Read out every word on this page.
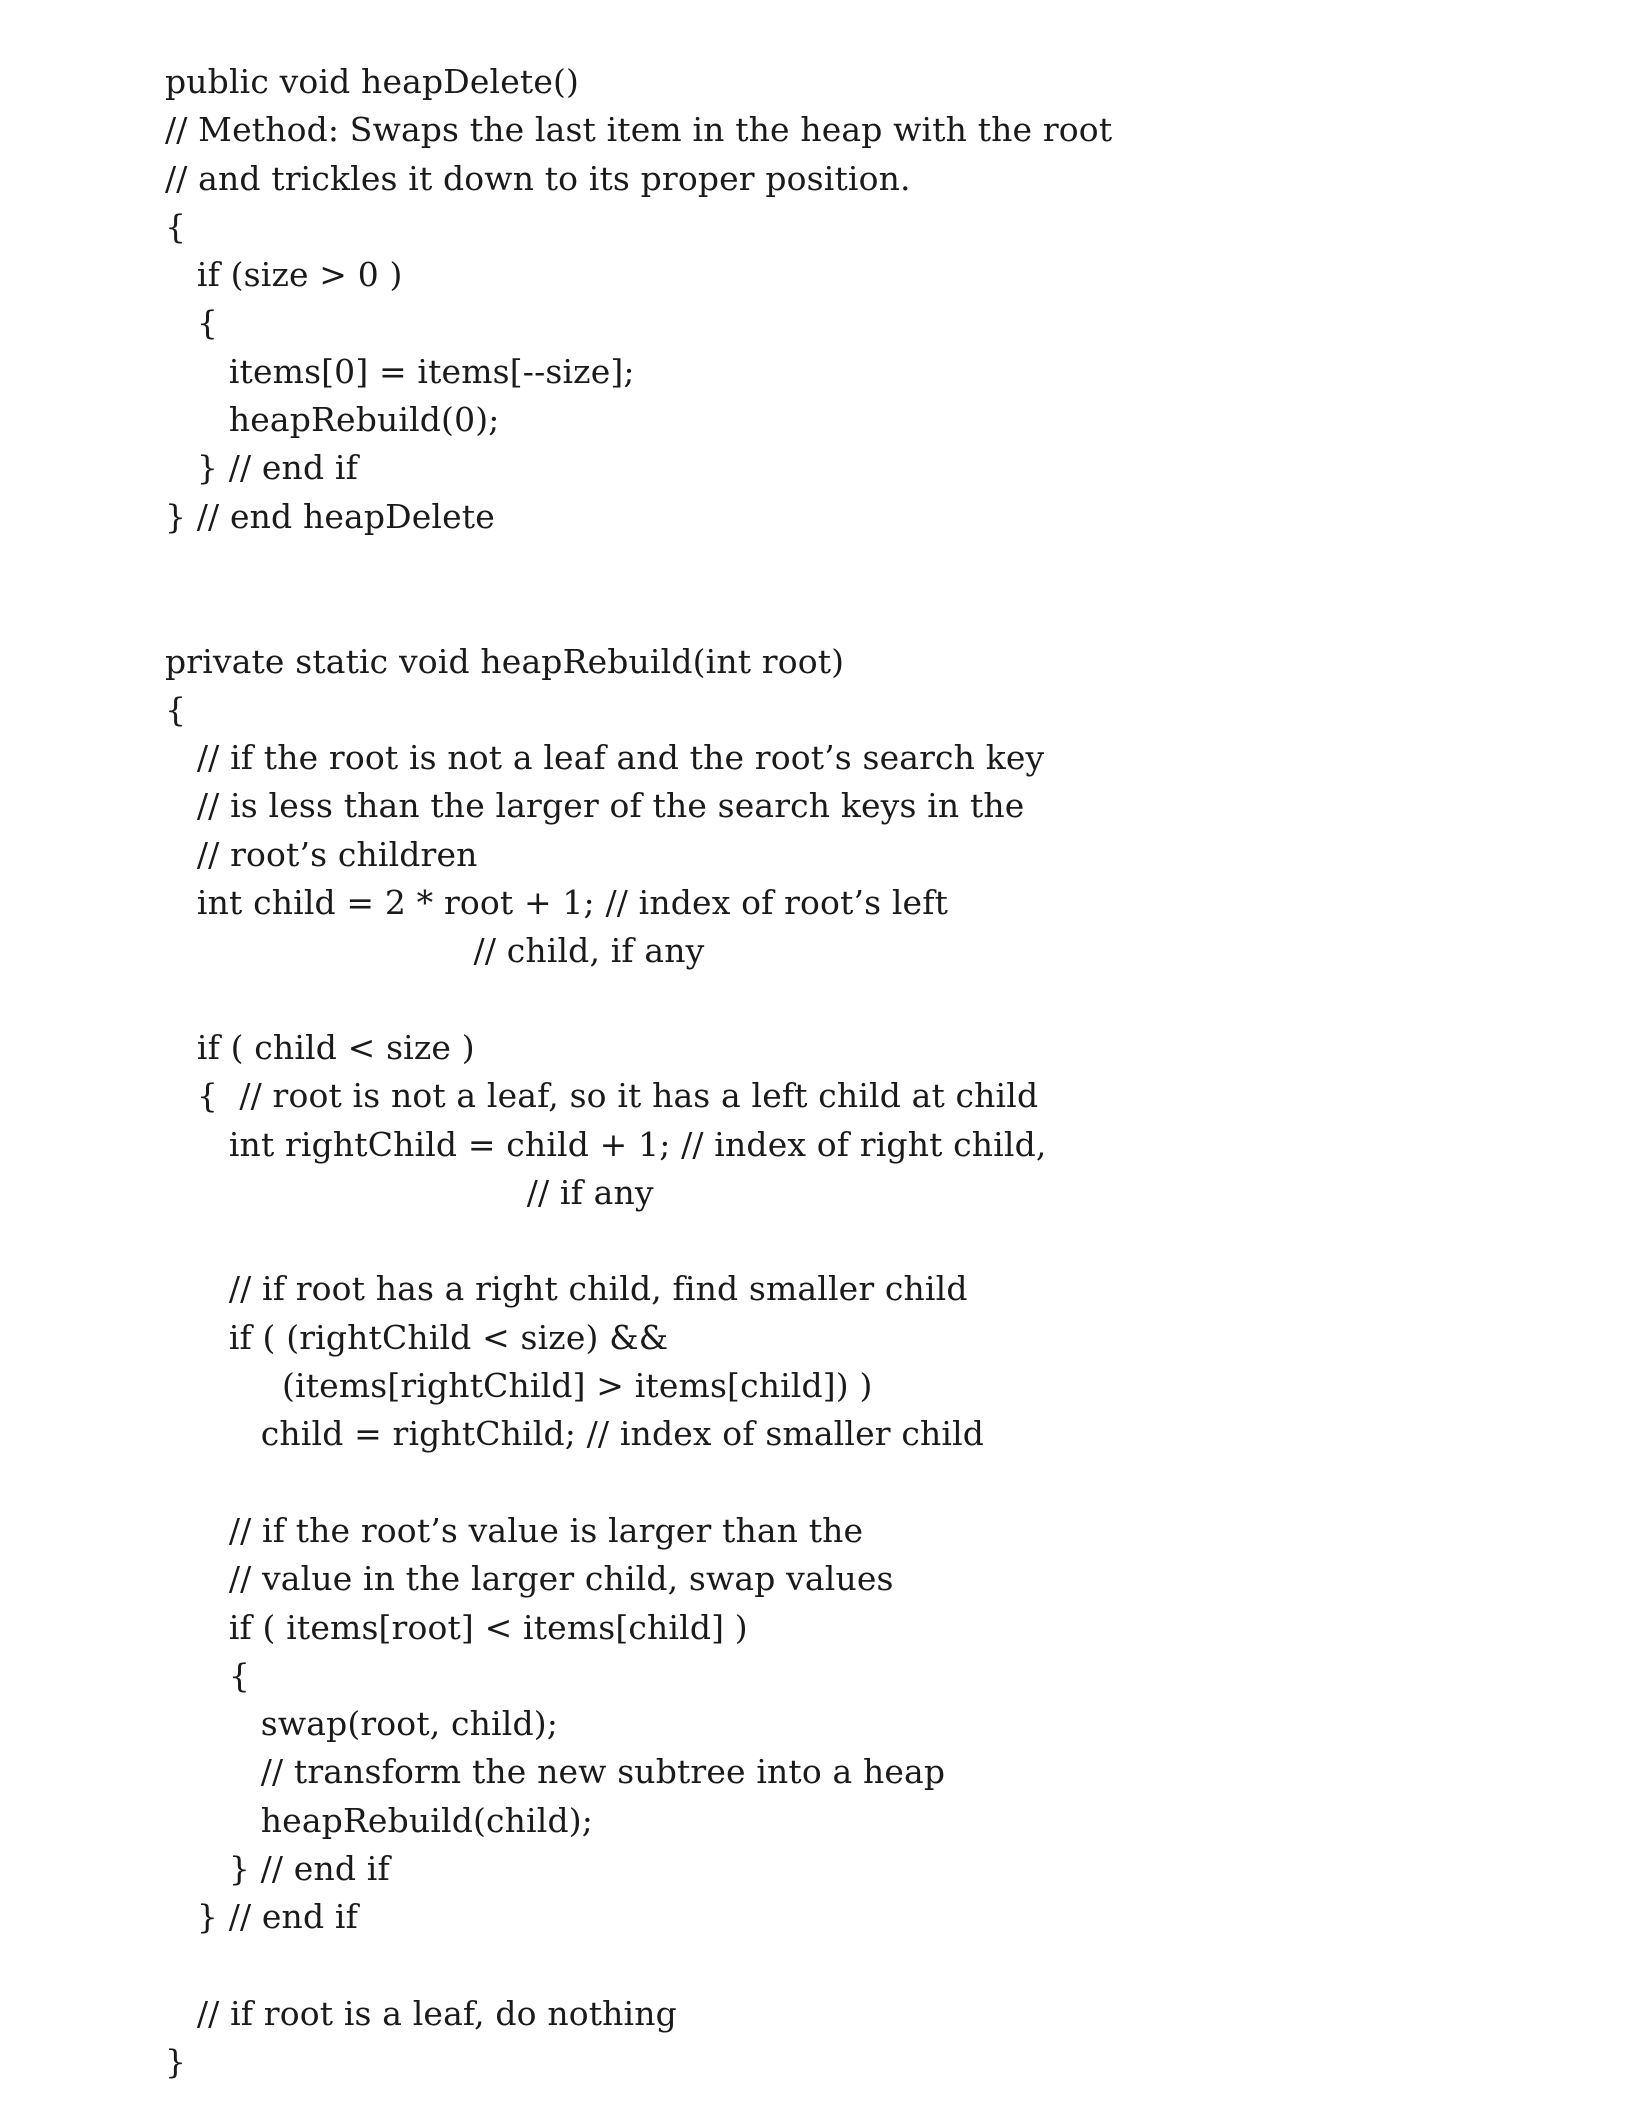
public void heapDelete()
// Method: Swaps the last item in the heap with the root
// and trickles it down to its proper position.
{
if (size > 0 )
{
items[0] = items[--size];
heapRebuild(0);
} // end if
} // end heapDelete
private static void heapRebuild(int root)
{
// if the root is not a leaf and the root’s search key
// is less than the larger of the search keys in the
// root’s children
int child = 2 * root + 1; // index of root’s left
// child, if any
if ( child < size )
{  // root is not a leaf, so it has a left child at child
int rightChild = child + 1; // index of right child,
// if any
// if root has a right child, find smaller child
if ( (rightChild < size) &&
(items[rightChild] > items[child]) )
child = rightChild; // index of smaller child
// if the root’s value is larger than the
// value in the larger child, swap values
if ( items[root] < items[child] )
{
swap(root, child);
// transform the new subtree into a heap
heapRebuild(child);
} // end if
} // end if
// if root is a leaf, do nothing
}
